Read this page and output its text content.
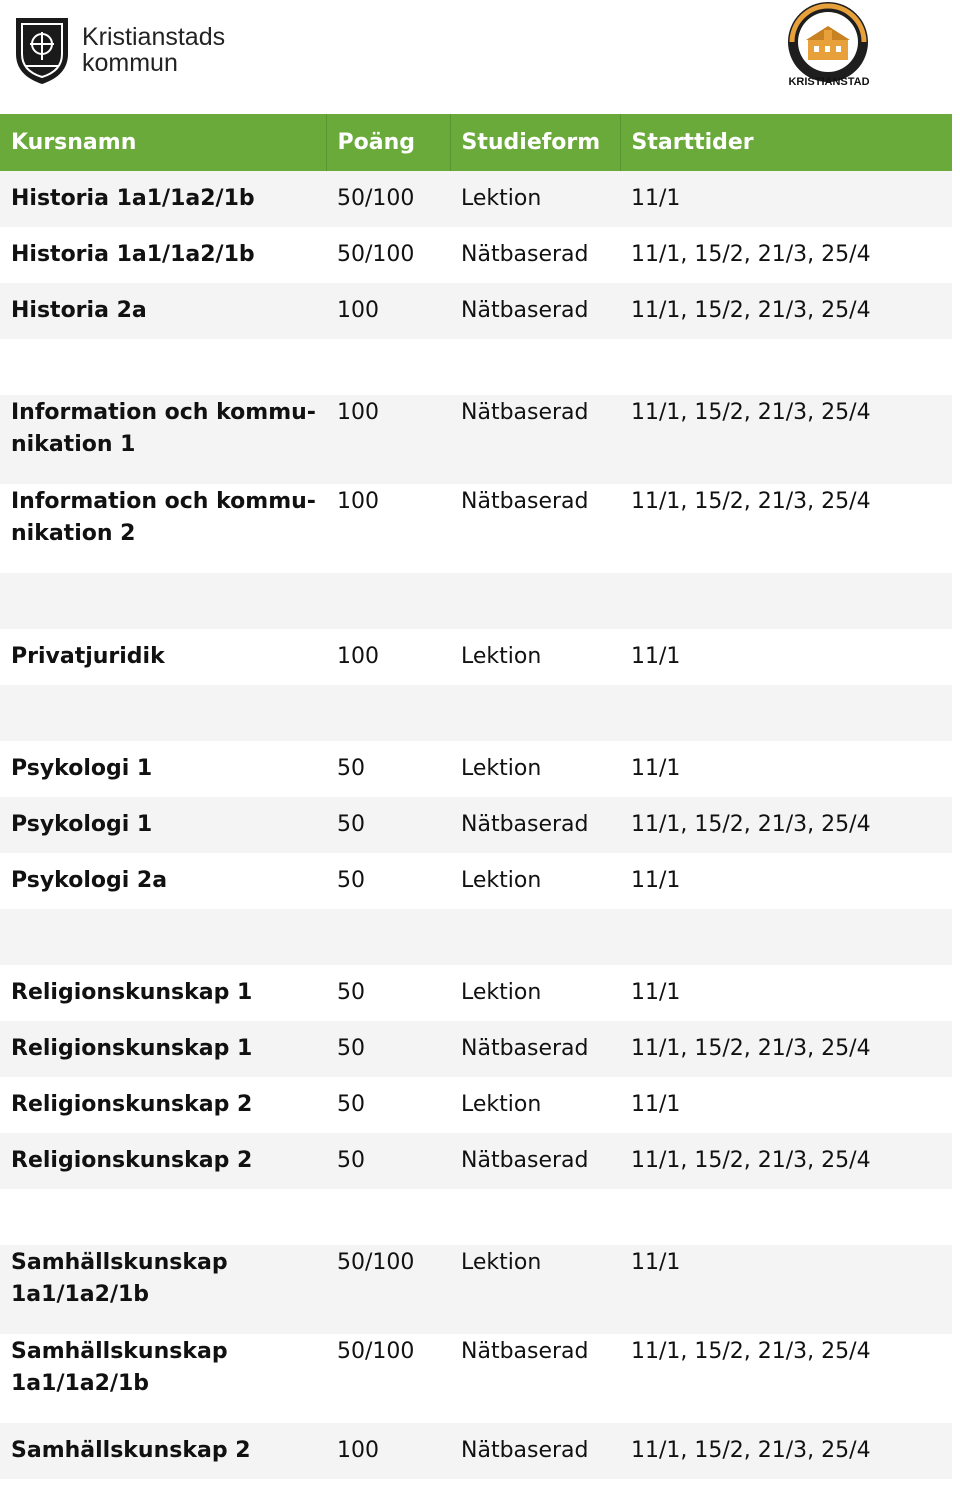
Kristianstads
kommun
KRISTIANSTAD
Kursnamn	Poäng	Studieform	Starttider
Historia 1a1/1a2/1b	50/100	Lektion	11/1
Historia 1a1/1a2/1b	50/100	Nätbaserad	11/1, 15/2, 21/3, 25/4
Historia 2a	100	Nätbaserad	11/1, 15/2, 21/3, 25/4

Information och kommu-nikation 1	100	Nätbaserad	11/1, 15/2, 21/3, 25/4
Information och kommu-nikation 2	100	Nätbaserad	11/1, 15/2, 21/3, 25/4

Privatjuridik	100	Lektion	11/1

Psykologi 1	50	Lektion	11/1
Psykologi 1	50	Nätbaserad	11/1, 15/2, 21/3, 25/4
Psykologi 2a	50	Lektion	11/1

Religionskunskap 1	50	Lektion	11/1
Religionskunskap 1	50	Nätbaserad	11/1, 15/2, 21/3, 25/4
Religionskunskap 2	50	Lektion	11/1
Religionskunskap 2	50	Nätbaserad	11/1, 15/2, 21/3, 25/4

Samhällskunskap 1a1/1a2/1b	50/100	Lektion	11/1
Samhällskunskap 1a1/1a2/1b	50/100	Nätbaserad	11/1, 15/2, 21/3, 25/4
Samhällskunskap 2	100	Nätbaserad	11/1, 15/2, 21/3, 25/4
